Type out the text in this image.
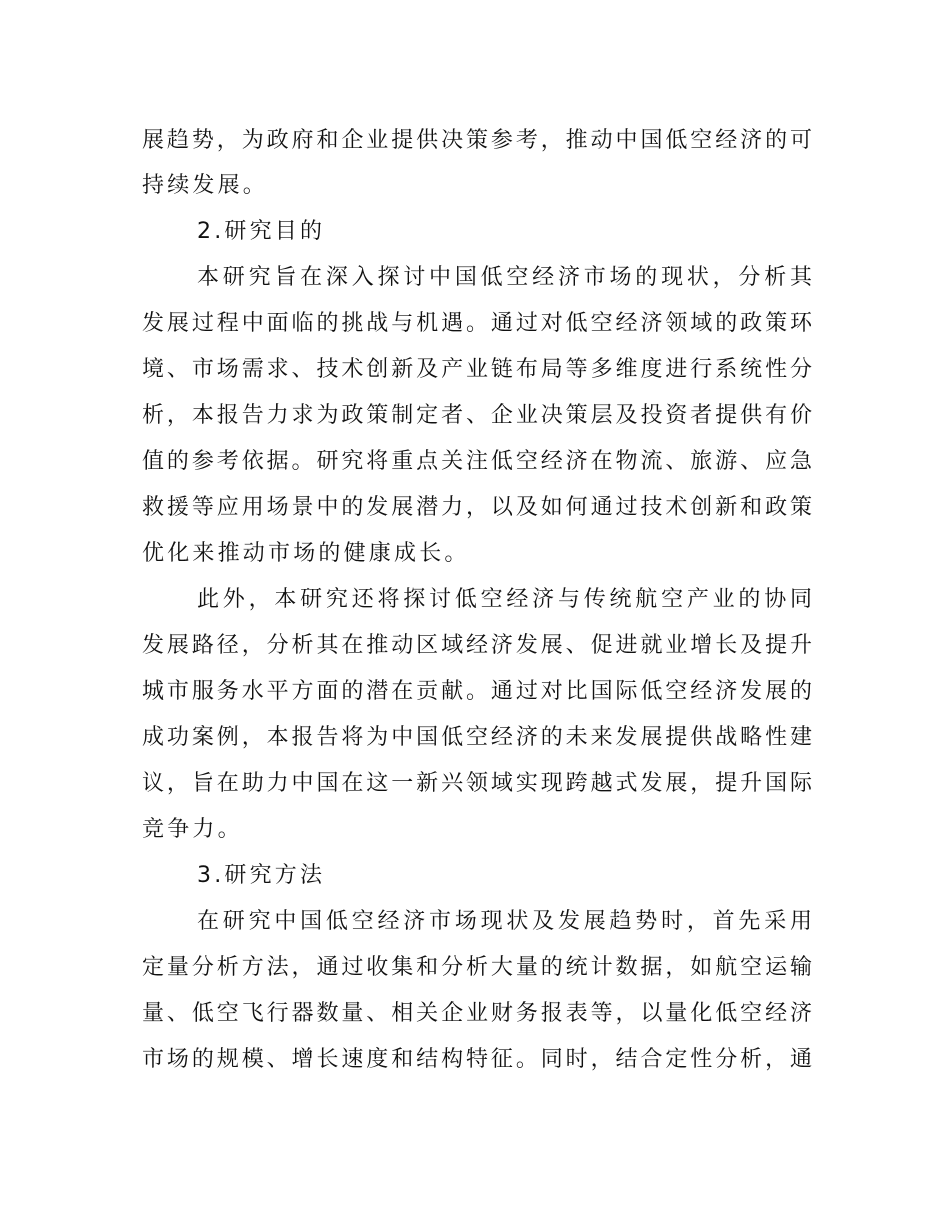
展趋势，为政府和企业提供决策参考，推动中国低空经济的可
持续发展。
2.研究目的
本研究旨在深入探讨中国低空经济市场的现状，分析其
发展过程中面临的挑战与机遇。通过对低空经济领域的政策环
境、市场需求、技术创新及产业链布局等多维度进行系统性分
析，本报告力求为政策制定者、企业决策层及投资者提供有价
值的参考依据。研究将重点关注低空经济在物流、旅游、应急
救援等应用场景中的发展潜力，以及如何通过技术创新和政策
优化来推动市场的健康成长。
此外，本研究还将探讨低空经济与传统航空产业的协同
发展路径，分析其在推动区域经济发展、促进就业增长及提升
城市服务水平方面的潜在贡献。通过对比国际低空经济发展的
成功案例，本报告将为中国低空经济的未来发展提供战略性建
议，旨在助力中国在这一新兴领域实现跨越式发展，提升国际
竞争力。
3.研究方法
在研究中国低空经济市场现状及发展趋势时，首先采用
定量分析方法，通过收集和分析大量的统计数据，如航空运输
量、低空飞行器数量、相关企业财务报表等，以量化低空经济
市场的规模、增长速度和结构特征。同时，结合定性分析，通
